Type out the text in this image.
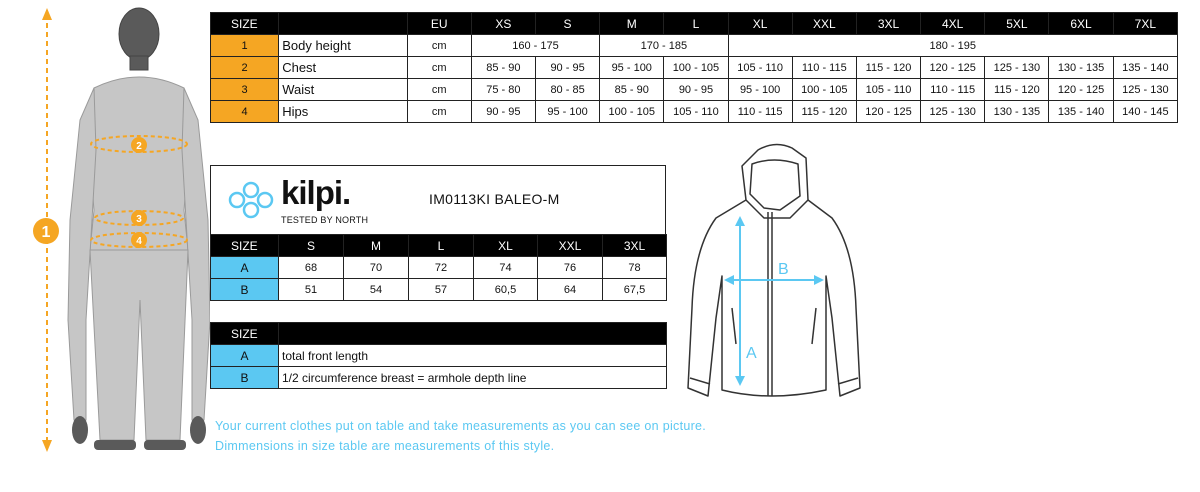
1
2
3
4
SIZE		EU	XS	S	M	L	XL	XXL	3XL	4XL	5XL	6XL	7XL
1	Body height	cm	160 - 175		170 - 185		180 - 195						
2	Chest	cm	85 - 90	90 - 95	95 - 100	100 - 105	105 - 110	110 - 115	115 - 120	120 - 125	125 - 130	130 - 135	135 - 140
3	Waist	cm	75 - 80	80 - 85	85 - 90	90 - 95	95 - 100	100 - 105	105 - 110	110 - 115	115 - 120	120 - 125	125 - 130
4	Hips	cm	90 - 95	95 - 100	100 - 105	105 - 110	110 - 115	115 - 120	120 - 125	125 - 130	130 - 135	135 - 140	140 - 145
kilpi.
TESTED BY NORTH
IM0113KI BALEO-M
SIZE	S	M	L	XL	XXL	3XL
A	68	70	72	74	76	78
B	51	54	57	60,5	64	67,5
SIZE	
A	total front length
B	1/2 circumference breast = armhole depth line
Your current clothes put on table and take measurements as you can see on picture.
Dimmensions in size table are measurements of this style.
A
B
